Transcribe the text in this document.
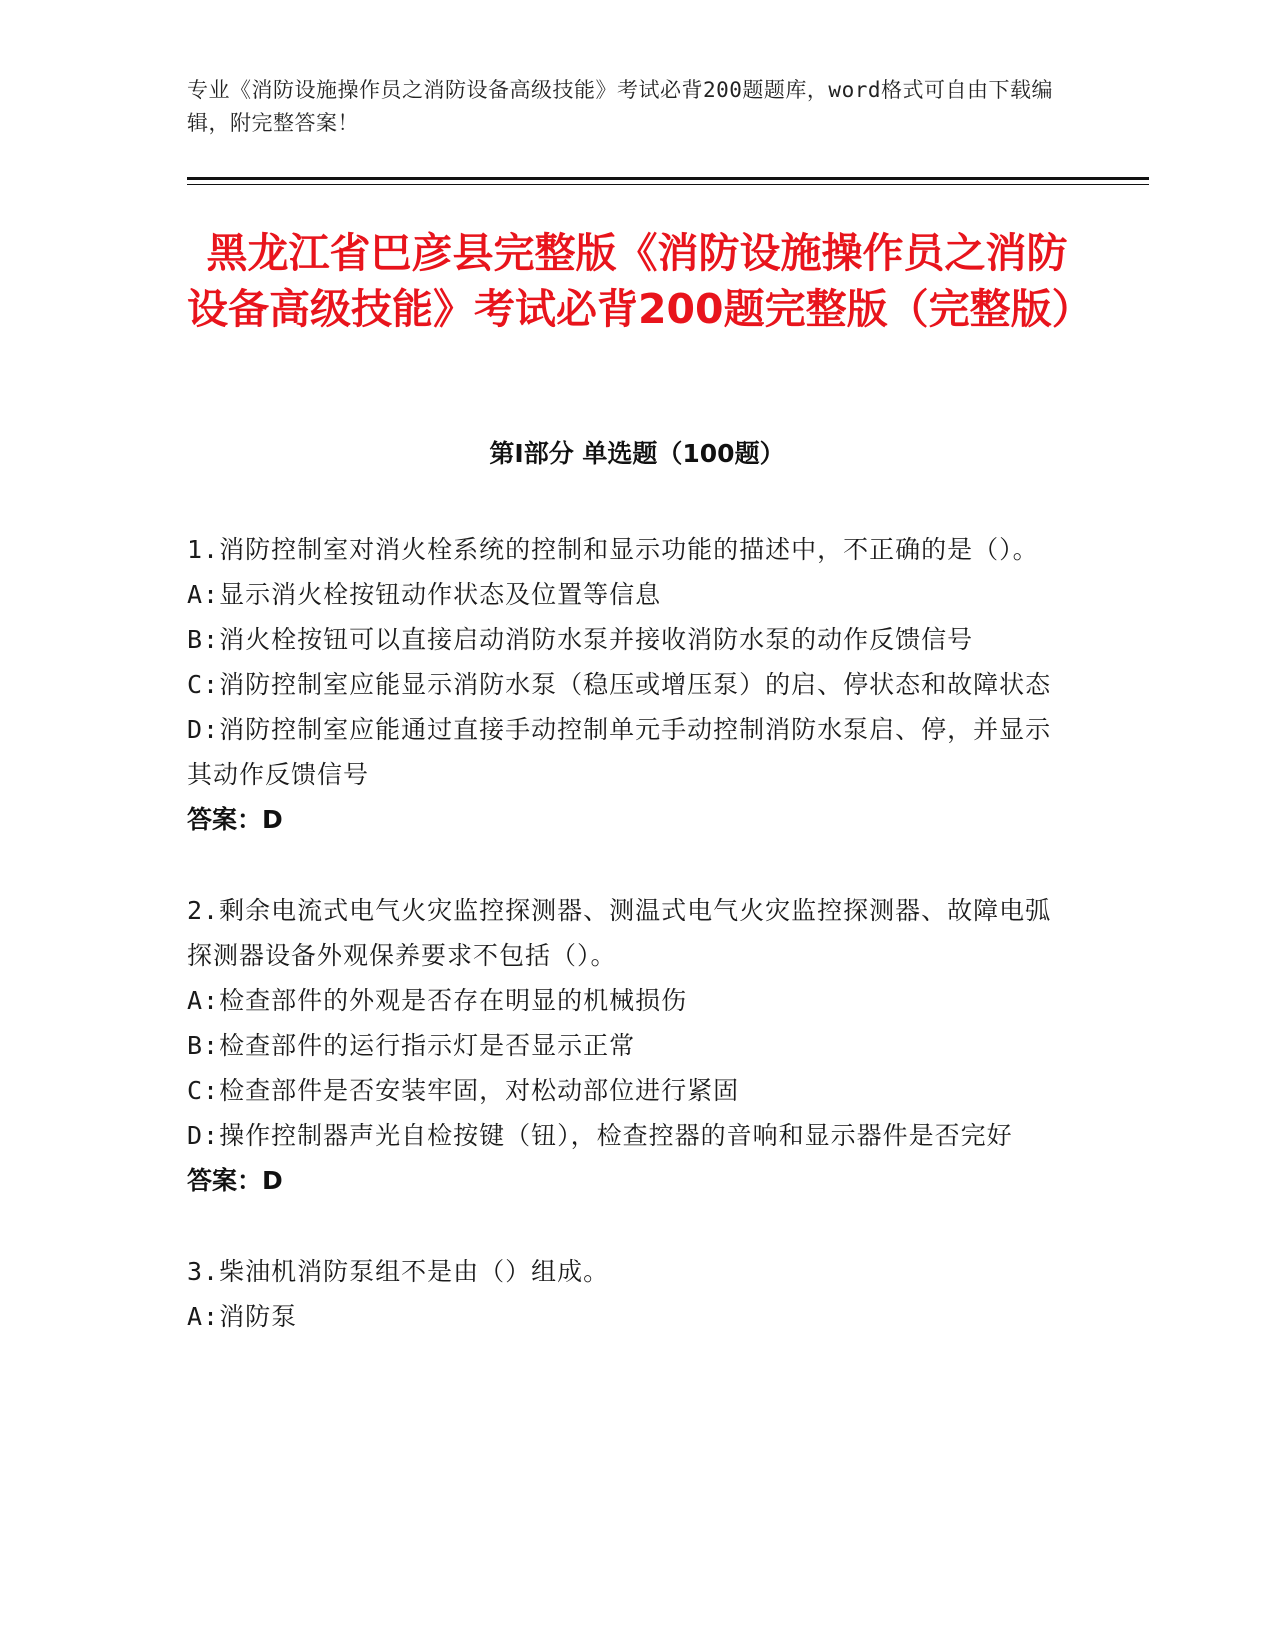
专业《消防设施操作员之消防设备高级技能》考试必背200题题库，word格式可自由下载编辑，附完整答案！
黑龙江省巴彦县完整版《消防设施操作员之消防设备高级技能》考试必背200题完整版（完整版）
第I部分 单选题（100题）

1.消防控制室对消火栓系统的控制和显示功能的描述中，不正确的是（）。

A:显示消火栓按钮动作状态及位置等信息

B:消火栓按钮可以直接启动消防水泵并接收消防水泵的动作反馈信号

C:消防控制室应能显示消防水泵（稳压或增压泵）的启、停状态和故障状态

D:消防控制室应能通过直接手动控制单元手动控制消防水泵启、停，并显示其动作反馈信号

答案：D

2.剩余电流式电气火灾监控探测器、测温式电气火灾监控探测器、故障电弧探测器设备外观保养要求不包括（）。

A:检查部件的外观是否存在明显的机械损伤

B:检查部件的运行指示灯是否显示正常

C:检查部件是否安装牢固，对松动部位进行紧固

D:操作控制器声光自检按键（钮），检查控器的音响和显示器件是否完好

答案：D

3.柴油机消防泵组不是由（）组成。

A:消防泵
